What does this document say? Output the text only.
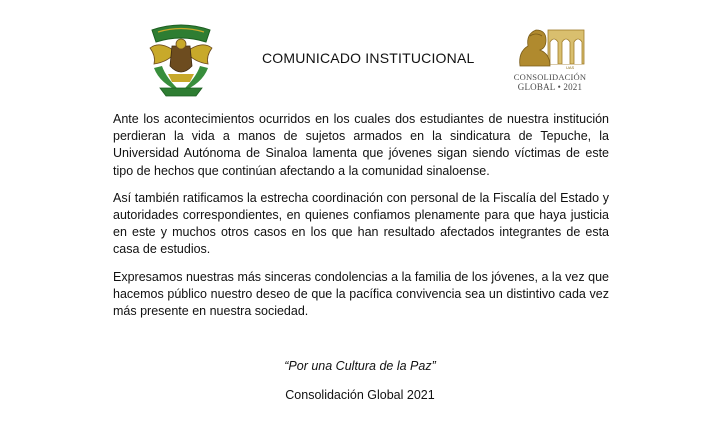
COMUNICADO INSTITUCIONAL
UAS
CONSOLIDACIÓN
GLOBAL • 2021

Ante los acontecimientos ocurridos en los cuales dos estudiantes de nuestra institución perdieran la vida a manos de sujetos armados en la sindicatura de Tepuche, la Universidad Autónoma de Sinaloa lamenta que jóvenes sigan siendo víctimas de este tipo de hechos que continúan afectando a la comunidad sinaloense.

Así también ratificamos la estrecha coordinación con personal de la Fiscalía del Estado y autoridades correspondientes, en quienes confiamos plenamente para que haya justicia en este y muchos otros casos en los que han resultado afectados integrantes de esta casa de estudios.

Expresamos nuestras más sinceras condolencias a la familia de los jóvenes, a la vez que hacemos público nuestro deseo de que la pacífica convivencia sea un distintivo cada vez más presente en nuestra sociedad.

“Por una Cultura de la Paz”
Consolidación Global 2021
